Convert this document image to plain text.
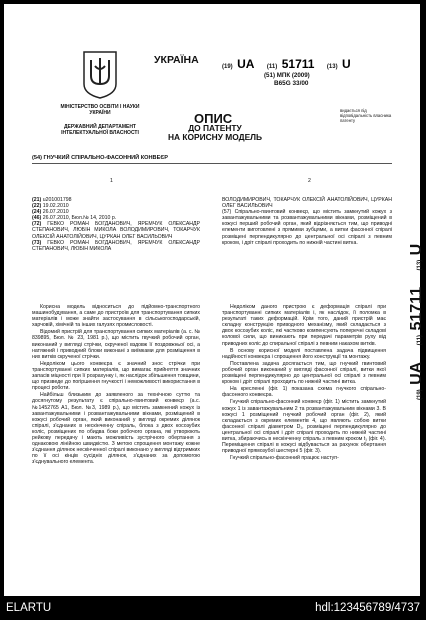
УКРАЇНА
МІНІСТЕРСТВО ОСВІТИ І НАУКИ УКРАЇНИ
ДЕРЖАВНИЙ ДЕПАРТАМЕНТ ІНТЕЛЕКТУАЛЬНОЇ ВЛАСНОСТІ
(19) UA (11) 51711 (13) U
(51) МПК (2009)
B65G 33/00
ОПИС
ДО ПАТЕНТУ
НА КОРИСНУ МОДЕЛЬ
видається під відповідальність власника патенту
(54) ГНУЧКИЙ СПІРАЛЬНО-ФАСОННИЙ КОНВЕЄР
1	2
(21) u201001798
(22) 19.02.2010
(24) 26.07.2010
(46) 26.07.2010, Бюл.№ 14, 2010 р.
(72) ГЕВКО РОМАН БОГДАНОВИЧ, ЯРЕМЧУК ОЛЕКСАНДР СТЕПАНОВИЧ, ЛЮБІН МИКОЛА ВОЛОДИМИРОВИЧ, ТОКАРЧУК ОЛЕКСІЙ АНАТОЛІЙОВИЧ, ЦУРКАН ОЛЕГ ВАСИЛЬОВИЧ
(73) ГЕВКО РОМАН БОГДАНОВИЧ, ЯРЕМЧУК ОЛЕКСАНДР СТЕПАНОВИЧ, ЛЮБІН МИКОЛА
ВОЛОДИМИРОВИЧ, ТОКАРЧУК ОЛЕКСІЙ АНАТОЛІЙОВИЧ, ЦУРКАН ОЛЕГ ВАСИЛЬОВИЧ
(57) Спірально-гвинтовий конвеєр, що містить замкнутий кожух з завантажувальними та розвантажувальними вікнами, розміщений в кожусі перший робочий орган, який відрізняється тим, що приводні елементи виготовлені з прямими зубцями, а витки фасонної спіралі розміщені перпендикулярно до центральної осі спіралі з певним кроком, і дріт спіралі проходить по нижній частині витка.

Корисна модель відноситься до підйомно-транспортного машинобудування, а саме до пристроїв для транспортування сипких матеріалів і може знайти застосування в сільськогосподарській, харчовій, хімічній та інших галузях промисловості.

Відомий пристрій для транспортування сипких матеріалів (а. с. № 839895, Бюл. № 23, 1981 р.), що містить гвучкий робочий орган, виконаний у вигляді стрічки, скрученої вздовж її поздовжньої осі, а натяжний і приводний блоки виконані з виїмками для розміщення в них витків скрученої стрічки.

Недоліком цього конвеєра є значний знос стрічки при транспортуванні сипких матеріалів, що вимагає прийняття значних запасів міцності при її розрахунку і, як наслідок збільшення товщини, що призведе до погіршення гнучкості і неможливості використання в процесі роботи.

Найбільш близьким до заявленого за технічною суттю та досягнутому результату є спірально-гвинтовий конвеєр (а.с. №1452765 А1, Бюл. №3, 1989 р.), що містить замкнений кожух із завантажувальними і розвантажувальними вікнами, розміщений в кожусі робочий орган, який виконаний у вигляді окремих ділянок спіралі, з'єднаних в нескінченну спіраль, блока з двох косозубих коліс, розміщених по обидва боки робочого органа, які утворюють рейкову передачу і мають можливість зустрічного обертання з однаковою лінійною швидкістю. З метою спрощення монтажу кожне з'єднання ділянок нескінченної спіралі виконано у вигляді відтримких по її осі кінців сусідніх ділянок, з'єднаних за допомогою з'єднувального елемента.

Недоліком даного пристрою є деформація спіралі при транспортуванні сипких матеріалів і, як наслідок, її поломка в результаті таких деформацій. Крім того, даний пристрій має складну конструкцію приводного механізму, який складається з двох косозубих коліс, які частково компенсують поперечні складові колової сили, що виникають при передачі параметрів руху від приводних коліс до спиральної спіралі з певним накахом витків.

В основу корисної моделі поставлена задача підвищення надійності конвеєра і спрощення його конструкції та монтажу.

Поставлена задача досягається тим, що гнучкий гвинтовий робочий орган виконаний у вигляді фасонної спіралі, витки якої розміщені перпендикулярно до центральної осі спіралі з певним кроком і дріт спіралі проходить по нижній частині витка.

На кресленні (фіг. 1) показана схема гнучкого спірально-фасонного конвеєра.

Гнучкий спірально-фасонний конвеєр (фіг. 1) містить замкнутий кожух 1 із завантажувальним 2 та розвантажувальним вікнами 3. В кожусі 1 розміщений гнучкий робочий орган (фіг. 2), який складається з окремих елементів 4, що являють собою витки фасонної спіралі діаметром D₁, розміщені перпендикулярно до центральної осі спіралі і дріт спіралі проходить по нижній частині витка, збираючись в нескінченну спіраль з певним кроком t₁ (фіг. 4). Переміщення спіралі в кожусі відбувається за рахунок обертання приводної прямозубої шестерні 5 (фіг. 3).

Гнучкий спірально-фасонний працює наступ-

(19) UA (11) 51711 (13) U
ELARTU	hdl:123456789/4737
